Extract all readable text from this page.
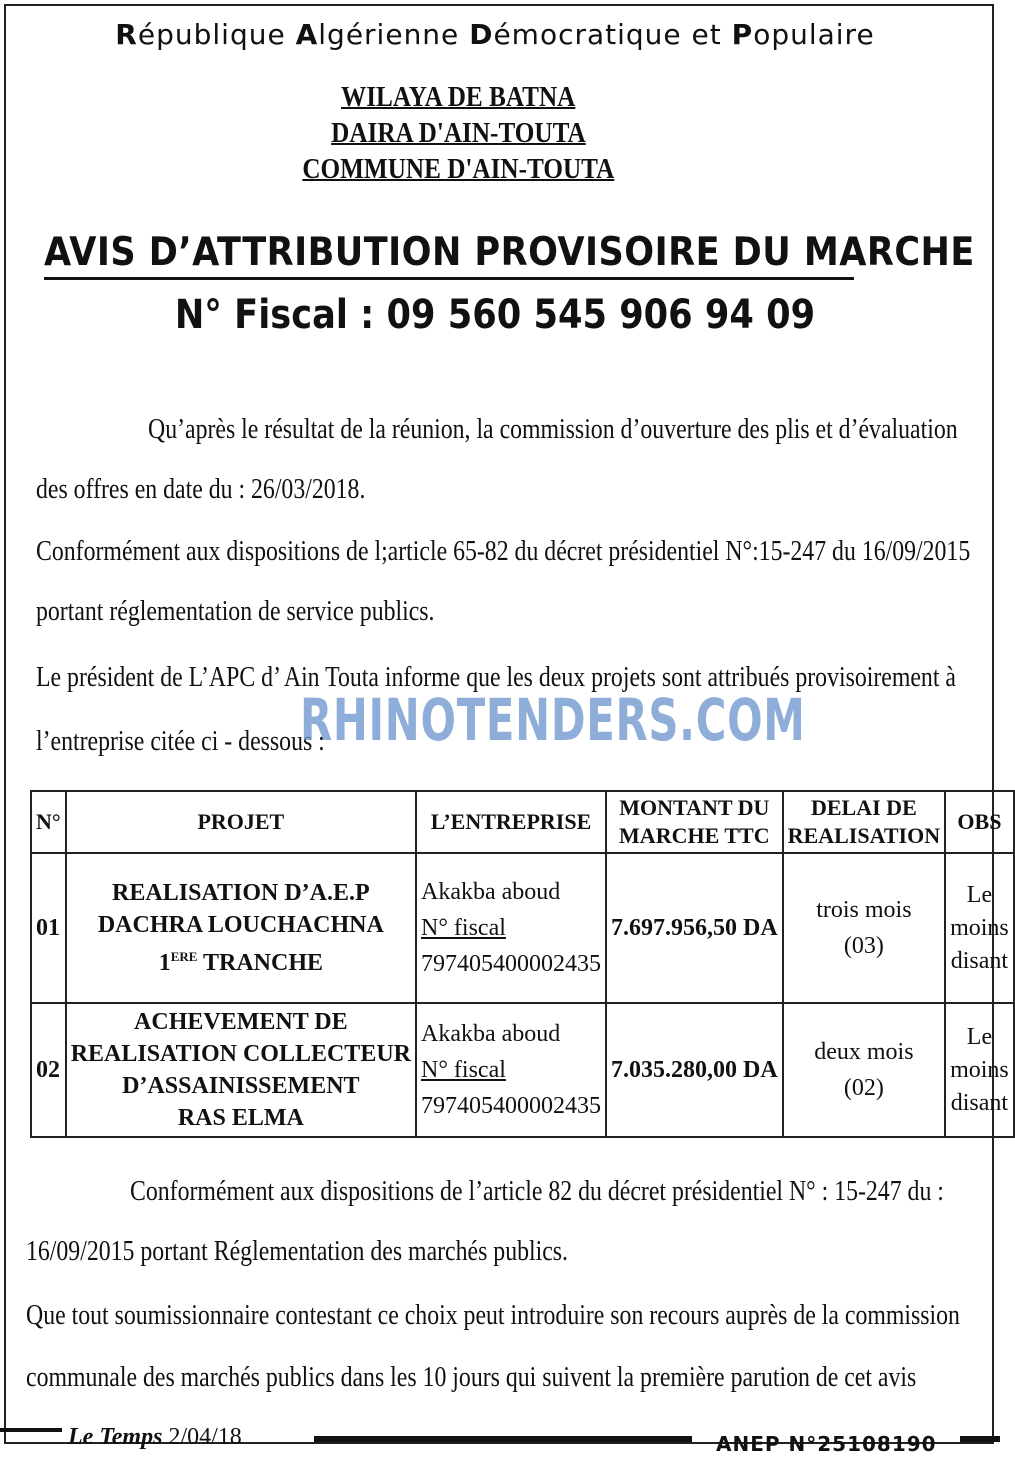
République Algérienne Démocratique et Populaire
WILAYA DE BATNA
DAIRA D'AIN-TOUTA
COMMUNE D'AIN-TOUTA
AVIS D’ATTRIBUTION PROVISOIRE DU MARCHE
N° Fiscal : 09 560 545 906 94 09
Qu’après le résultat de la réunion, la commission d’ouverture des plis et d’évaluation
des offres en date du : 26/03/2018.
Conformément aux dispositions de l;article 65-82 du décret présidentiel N°:15-247 du 16/09/2015
portant réglementation de service publics.
Le président de L’APC d’ Ain Touta informe que les deux projets sont attribués provisoirement à
l’entreprise citée ci - dessous :
RHINOTENDERS.COM
N°	PROJET	L’ENTREPRISE	MONTANT DU
MARCHE TTC	DELAI DE
REALISATION	OBS
01	REALISATION D’A.E.P
DACHRA LOUCHACHNA
1ERE TRANCHE	Akakba aboud
N° fiscal
797405400002435	7.697.956,50 DA	trois mois
(03)	Le
moins
disant
02	ACHEVEMENT DE
REALISATION COLLECTEUR
D’ASSAINISSEMENT
RAS ELMA	Akakba aboud
N° fiscal
797405400002435	7.035.280,00 DA	deux mois
(02)	Le
moins
disant
Conformément aux dispositions de l’article 82 du décret présidentiel N° : 15-247 du :
16/09/2015 portant Réglementation des marchés publics.
Que tout soumissionnaire contestant ce choix peut introduire son recours auprès de la commission
communale des marchés publics dans les 10 jours qui suivent la première parution de cet avis
Le Temps 2/04/18	ANEP N°25108190
